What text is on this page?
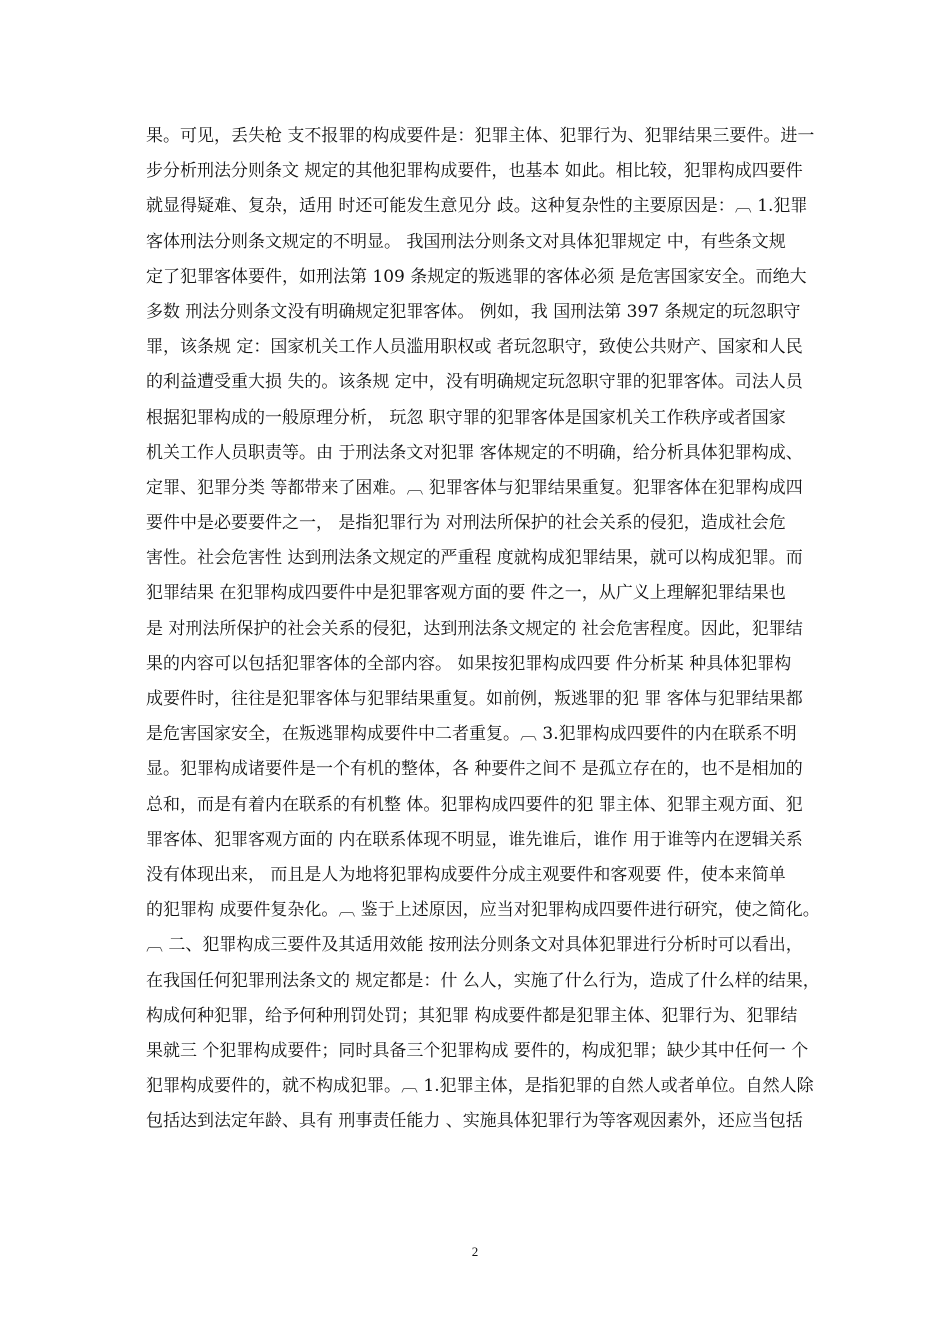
果。可见，丢失枪 支不报罪的构成要件是：犯罪主体、犯罪行为、犯罪结果三要件。进一
步分析刑法分则条文 规定的其他犯罪构成要件，也基本 如此。相比较，犯罪构成四要件
就显得疑难、复杂，适用 时还可能发生意见分 歧。这种复杂性的主要原因是：︹ 1.犯罪
客体刑法分则条文规定的不明显。 我国刑法分则条文对具体犯罪规定 中，有些条文规
定了犯罪客体要件，如刑法第 109 条规定的叛逃罪的客体必须 是危害国家安全。而绝大
多数 刑法分则条文没有明确规定犯罪客体。 例如，我 国刑法第 397 条规定的玩忽职守
罪，该条规 定：国家机关工作人员滥用职权或 者玩忽职守，致使公共财产、国家和人民
的利益遭受重大损 失的。该条规 定中，没有明确规定玩忽职守罪的犯罪客体。司法人员
根据犯罪构成的一般原理分析， 玩忽 职守罪的犯罪客体是国家机关工作秩序或者国家
机关工作人员职责等。由 于刑法条文对犯罪 客体规定的不明确，给分析具体犯罪构成、
定罪、犯罪分类 等都带来了困难。︹ 犯罪客体与犯罪结果重复。犯罪客体在犯罪构成四
要件中是必要要件之一， 是指犯罪行为 对刑法所保护的社会关系的侵犯，造成社会危
害性。社会危害性 达到刑法条文规定的严重程 度就构成犯罪结果，就可以构成犯罪。而
犯罪结果 在犯罪构成四要件中是犯罪客观方面的要 件之一，从广义上理解犯罪结果也
是 对刑法所保护的社会关系的侵犯，达到刑法条文规定的 社会危害程度。因此，犯罪结
果的内容可以包括犯罪客体的全部内容。 如果按犯罪构成四要 件分析某 种具体犯罪构
成要件时，往往是犯罪客体与犯罪结果重复。如前例，叛逃罪的犯 罪 客体与犯罪结果都
是危害国家安全，在叛逃罪构成要件中二者重复。︹ 3.犯罪构成四要件的内在联系不明
显。犯罪构成诸要件是一个有机的整体，各 种要件之间不 是孤立存在的，也不是相加的
总和，而是有着内在联系的有机整 体。犯罪构成四要件的犯 罪主体、犯罪主观方面、犯
罪客体、犯罪客观方面的 内在联系体现不明显，谁先谁后，谁作 用于谁等内在逻辑关系
没有体现出来， 而且是人为地将犯罪构成要件分成主观要件和客观要 件，使本来简单
的犯罪构 成要件复杂化。︹ 鉴于上述原因，应当对犯罪构成四要件进行研究，使之简化。
︹ 二、犯罪构成三要件及其适用效能 按刑法分则条文对具体犯罪进行分析时可以看出，
在我国任何犯罪刑法条文的 规定都是：什 么人，实施了什么行为，造成了什么样的结果，
构成何种犯罪，给予何种刑罚处罚；其犯罪 构成要件都是犯罪主体、犯罪行为、犯罪结
果就三 个犯罪构成要件；同时具备三个犯罪构成 要件的，构成犯罪；缺少其中任何一 个
犯罪构成要件的，就不构成犯罪。︹ 1.犯罪主体，是指犯罪的自然人或者单位。自然人除
包括达到法定年龄、具有 刑事责任能力 、实施具体犯罪行为等客观因素外，还应当包括
2
